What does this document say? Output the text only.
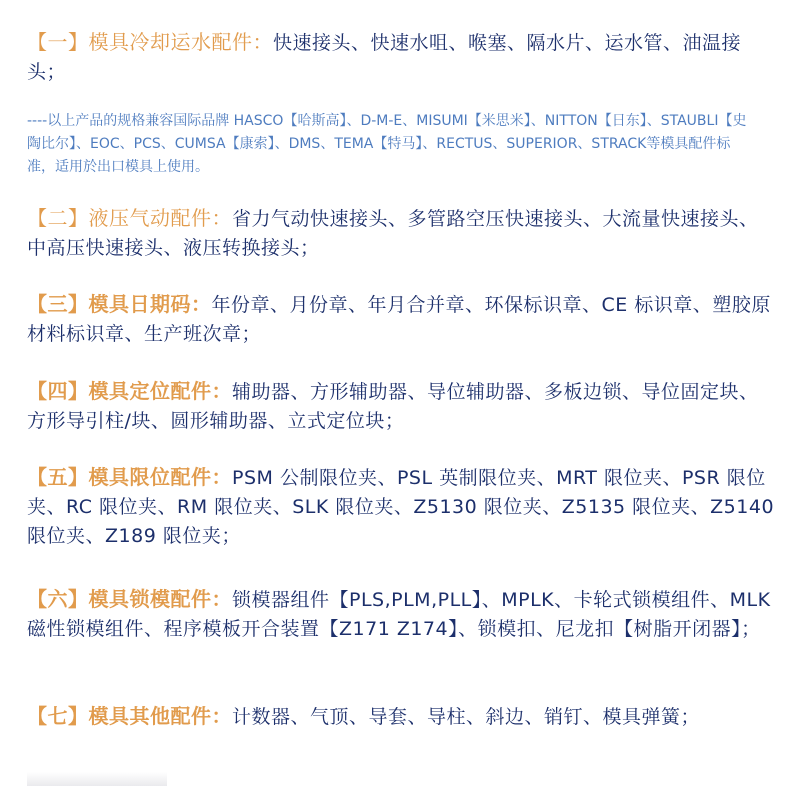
【一】模具冷却运水配件：快速接头、快速水咀、喉塞、隔水片、运水管、油温接头；
----以上产品的规格兼容国际品牌 HASCO【哈斯高】、D-M-E、MISUMI【米思米】、NITTON【日东】、STAUBLI【史陶比尔】、EOC、PCS、CUMSA【康索】、DMS、TEMA【特马】、RECTUS、SUPERIOR、STRACK等模具配件标准，适用於出口模具上使用。
【二】液压气动配件：省力气动快速接头、多管路空压快速接头、大流量快速接头、中高压快速接头、液压转换接头；
【三】模具日期码：年份章、月份章、年月合并章、环保标识章、CE 标识章、塑胶原材料标识章、生产班次章；
【四】模具定位配件：辅助器、方形辅助器、导位辅助器、多板边锁、导位固定块、方形导引柱/块、圆形辅助器、立式定位块；
【五】模具限位配件：PSM 公制限位夹、PSL 英制限位夹、MRT 限位夹、PSR 限位夹、RC 限位夹、RM 限位夹、SLK 限位夹、Z5130 限位夹、Z5135 限位夹、Z5140 限位夹、Z189 限位夹；
【六】模具锁模配件：锁模器组件【PLS,PLM,PLL】、MPLK、卡轮式锁模组件、MLK 磁性锁模组件、程序模板开合装置【Z171 Z174】、锁模扣、尼龙扣【树脂开闭器】；
【七】模具其他配件：计数器、气顶、导套、导柱、斜边、销钉、模具弹簧；
